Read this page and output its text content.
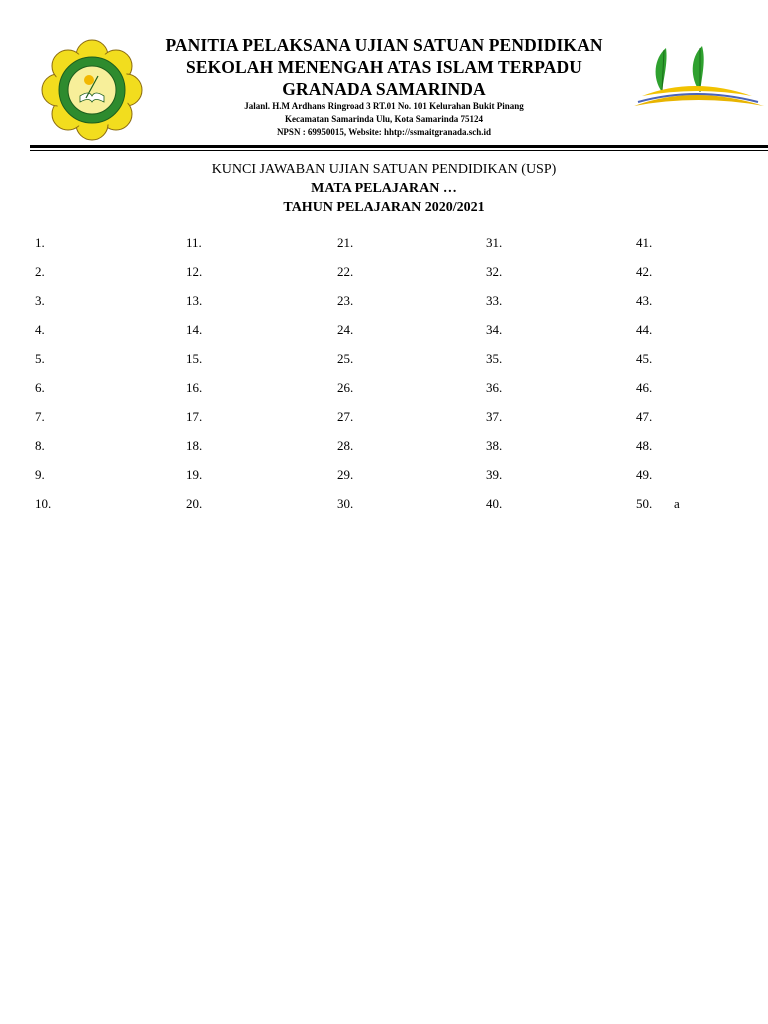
PANITIA PELAKSANA UJIAN SATUAN PENDIDIKAN
SEKOLAH MENENGAH ATAS ISLAM TERPADU
GRANADA SAMARINDA
Jalanl. H.M Ardhans Ringroad 3 RT.01 No. 101 Kelurahan Bukit Pinang
Kecamatan Samarinda Ulu, Kota Samarinda 75124
NPSN : 69950015, Website: hhtp://ssmaitgranada.sch.id
KUNCI JAWABAN UJIAN SATUAN PENDIDIKAN (USP)
MATA PELAJARAN …
TAHUN PELAJARAN 2020/2021
1.
2.
3.
4.
5.
6.
7.
8.
9.
10.
11.
12.
13.
14.
15.
16.
17.
18.
19.
20.
21.
22.
23.
24.
25.
26.
27.
28.
29.
30.
31.
32.
33.
34.
35.
36.
37.
38.
39.
40.
41.
42.
43.
44.
45.
46.
47.
48.
49.
50. a
